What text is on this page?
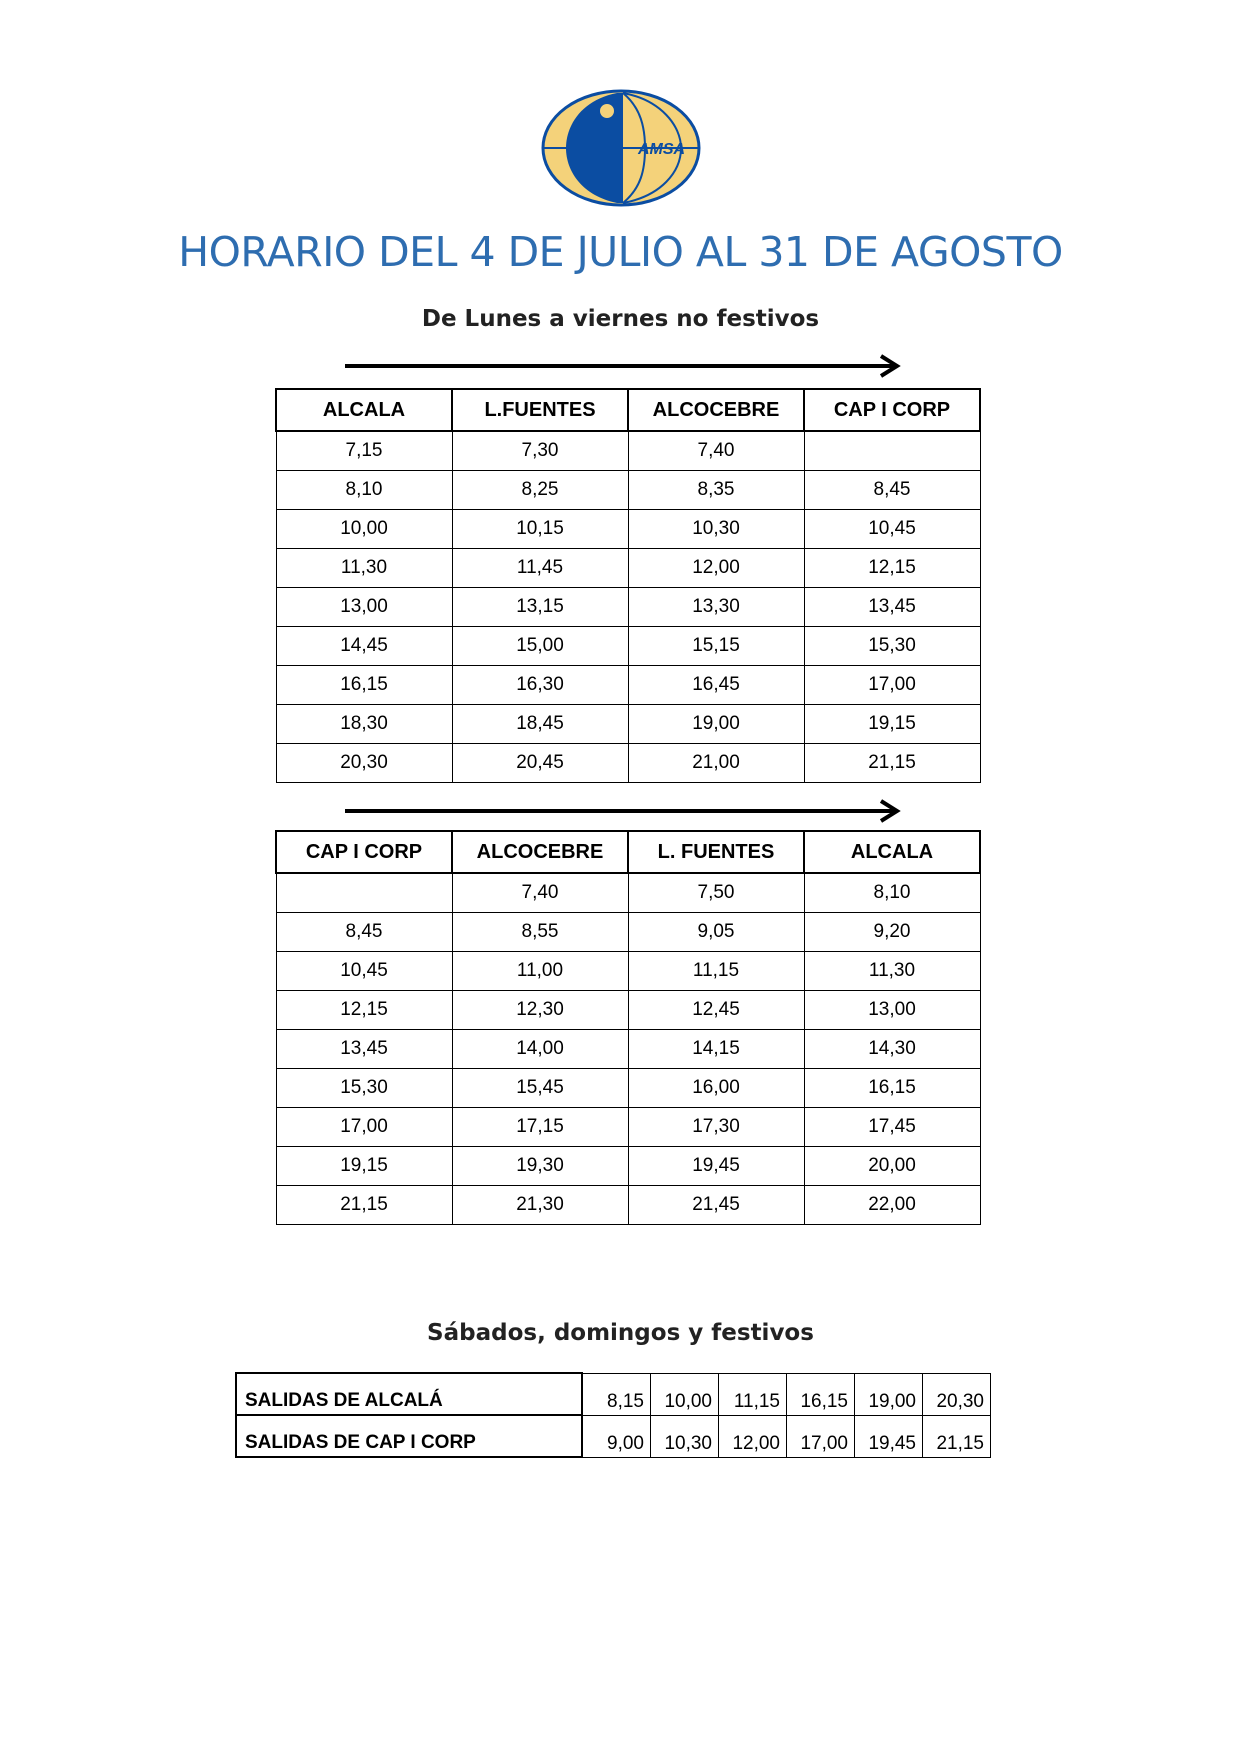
AMSA
HORARIO DEL 4 DE JULIO AL 31 DE AGOSTO
De Lunes a viernes no festivos
ALCALA	L.FUENTES	ALCOCEBRE	CAP I CORP
7,15	7,30	7,40	
8,10	8,25	8,35	8,45
10,00	10,15	10,30	10,45
11,30	11,45	12,00	12,15
13,00	13,15	13,30	13,45
14,45	15,00	15,15	15,30
16,15	16,30	16,45	17,00
18,30	18,45	19,00	19,15
20,30	20,45	21,00	21,15
CAP I CORP	ALCOCEBRE	L. FUENTES	ALCALA
	7,40	7,50	8,10
8,45	8,55	9,05	9,20
10,45	11,00	11,15	11,30
12,15	12,30	12,45	13,00
13,45	14,00	14,15	14,30
15,30	15,45	16,00	16,15
17,00	17,15	17,30	17,45
19,15	19,30	19,45	20,00
21,15	21,30	21,45	22,00
Sábados, domingos y festivos
SALIDAS DE ALCALÁ	8,15	10,00	11,15	16,15	19,00	20,30
SALIDAS DE CAP I CORP	9,00	10,30	12,00	17,00	19,45	21,15
